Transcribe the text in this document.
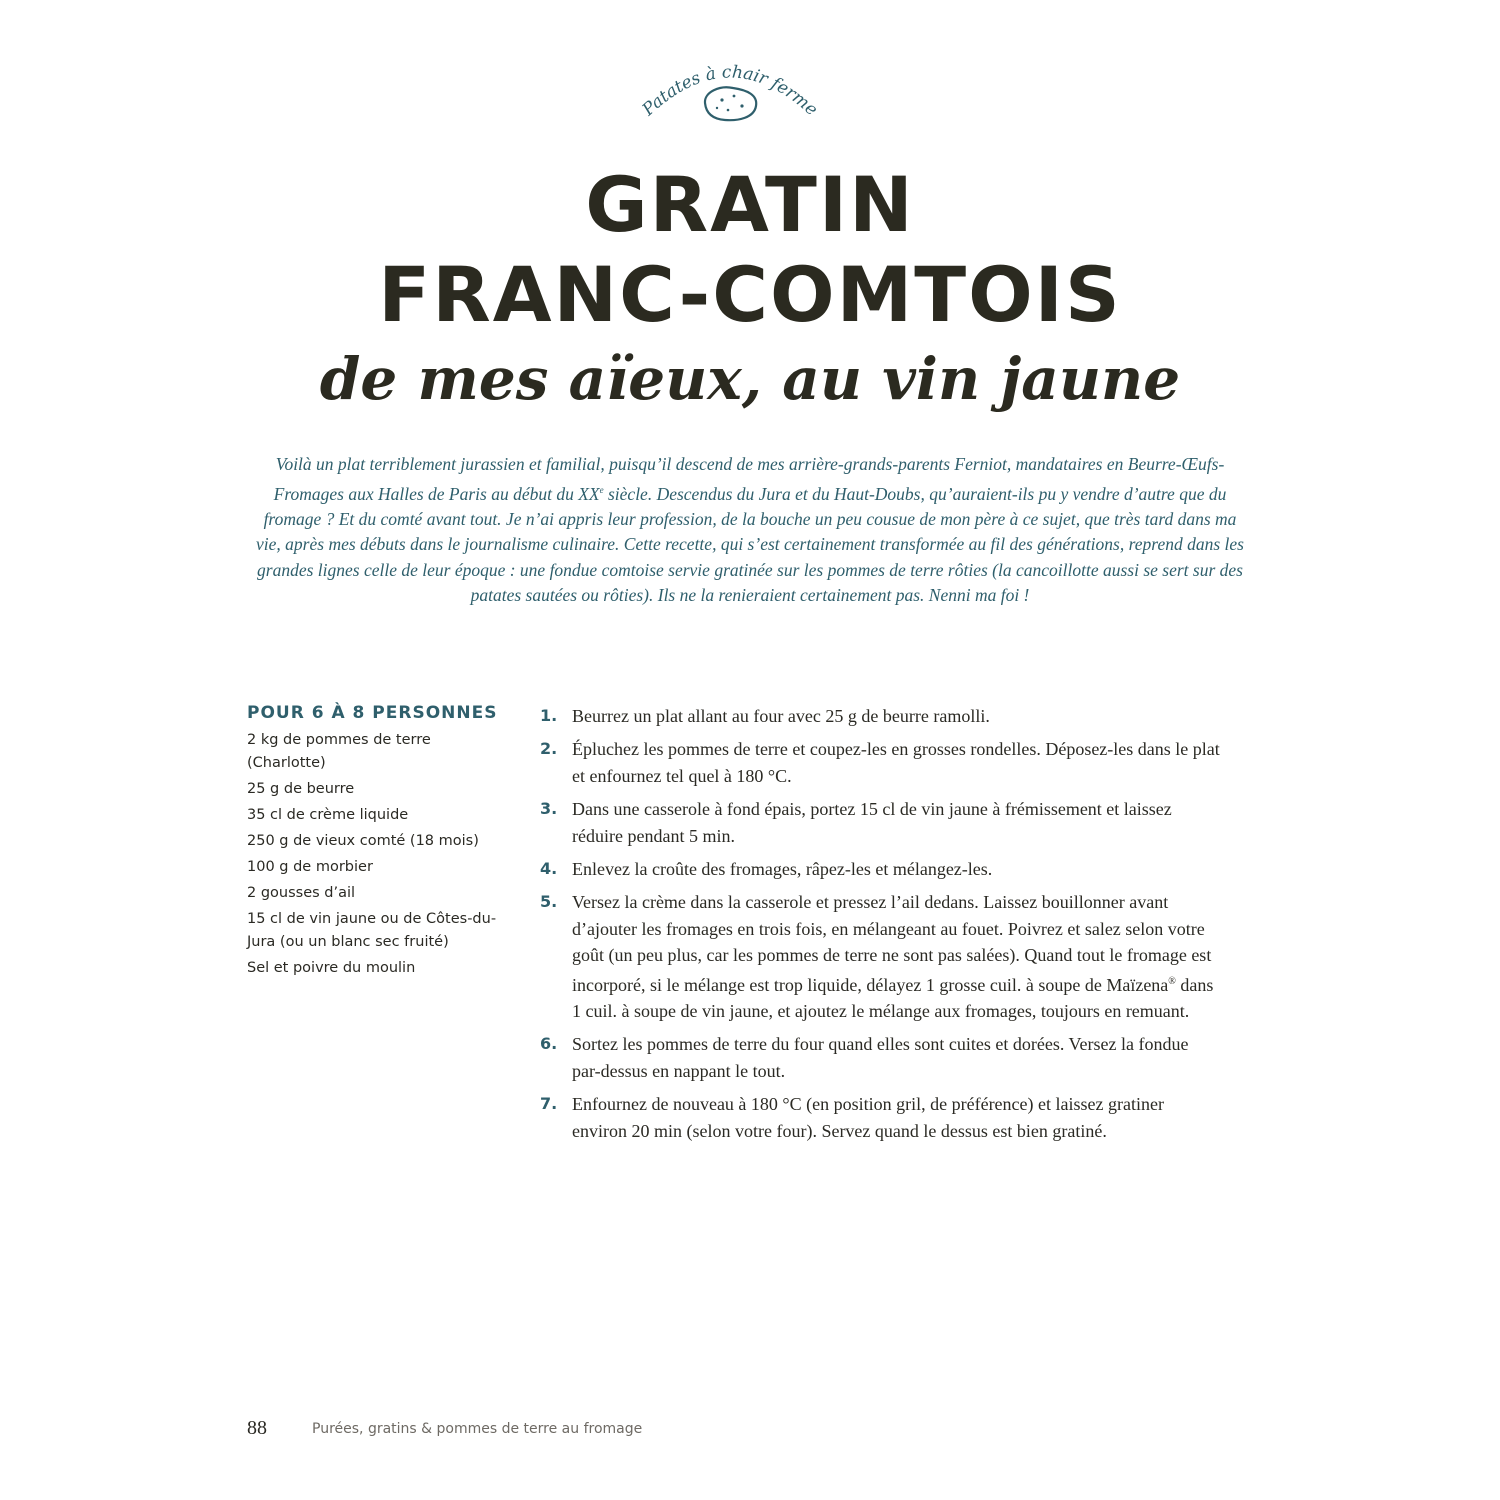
Patates à chair ferme
GRATIN
FRANC-COMTOIS
de mes aïeux, au vin jaune
Voilà un plat terriblement jurassien et familial, puisqu’il descend de mes arrière-grands-parents Ferniot, mandataires en Beurre-Œufs-Fromages aux Halles de Paris au début du XXe siècle. Descendus du Jura et du Haut-Doubs, qu’auraient-ils pu y vendre d’autre que du fromage ? Et du comté avant tout. Je n’ai appris leur profession, de la bouche un peu cousue de mon père à ce sujet, que très tard dans ma vie, après mes débuts dans le journalisme culinaire. Cette recette, qui s’est certainement transformée au fil des générations, reprend dans les grandes lignes celle de leur époque : une fondue comtoise servie gratinée sur les pommes de terre rôties (la cancoillotte aussi se sert sur des patates sautées ou rôties). Ils ne la renieraient certainement pas. Nenni ma foi !
POUR 6 À 8 PERSONNES
2 kg de pommes de terre (Charlotte)
25 g de beurre
35 cl de crème liquide
250 g de vieux comté (18 mois)
100 g de morbier
2 gousses d’ail
15 cl de vin jaune ou de Côtes-du-Jura (ou un blanc sec fruité)
Sel et poivre du moulin
1. Beurrez un plat allant au four avec 25 g de beurre ramolli.
2. Épluchez les pommes de terre et coupez-les en grosses rondelles. Déposez-les dans le plat et enfournez tel quel à 180 °C.
3. Dans une casserole à fond épais, portez 15 cl de vin jaune à frémissement et laissez réduire pendant 5 min.
4. Enlevez la croûte des fromages, râpez-les et mélangez-les.
5. Versez la crème dans la casserole et pressez l’ail dedans. Laissez bouillonner avant d’ajouter les fromages en trois fois, en mélangeant au fouet. Poivrez et salez selon votre goût (un peu plus, car les pommes de terre ne sont pas salées). Quand tout le fromage est incorporé, si le mélange est trop liquide, délayez 1 grosse cuil. à soupe de Maïzena® dans 1 cuil. à soupe de vin jaune, et ajoutez le mélange aux fromages, toujours en remuant.
6. Sortez les pommes de terre du four quand elles sont cuites et dorées. Versez la fondue par-dessus en nappant le tout.
7. Enfournez de nouveau à 180 °C (en position gril, de préférence) et laissez gratiner environ 20 min (selon votre four). Servez quand le dessus est bien gratiné.
88	Purées, gratins & pommes de terre au fromage
